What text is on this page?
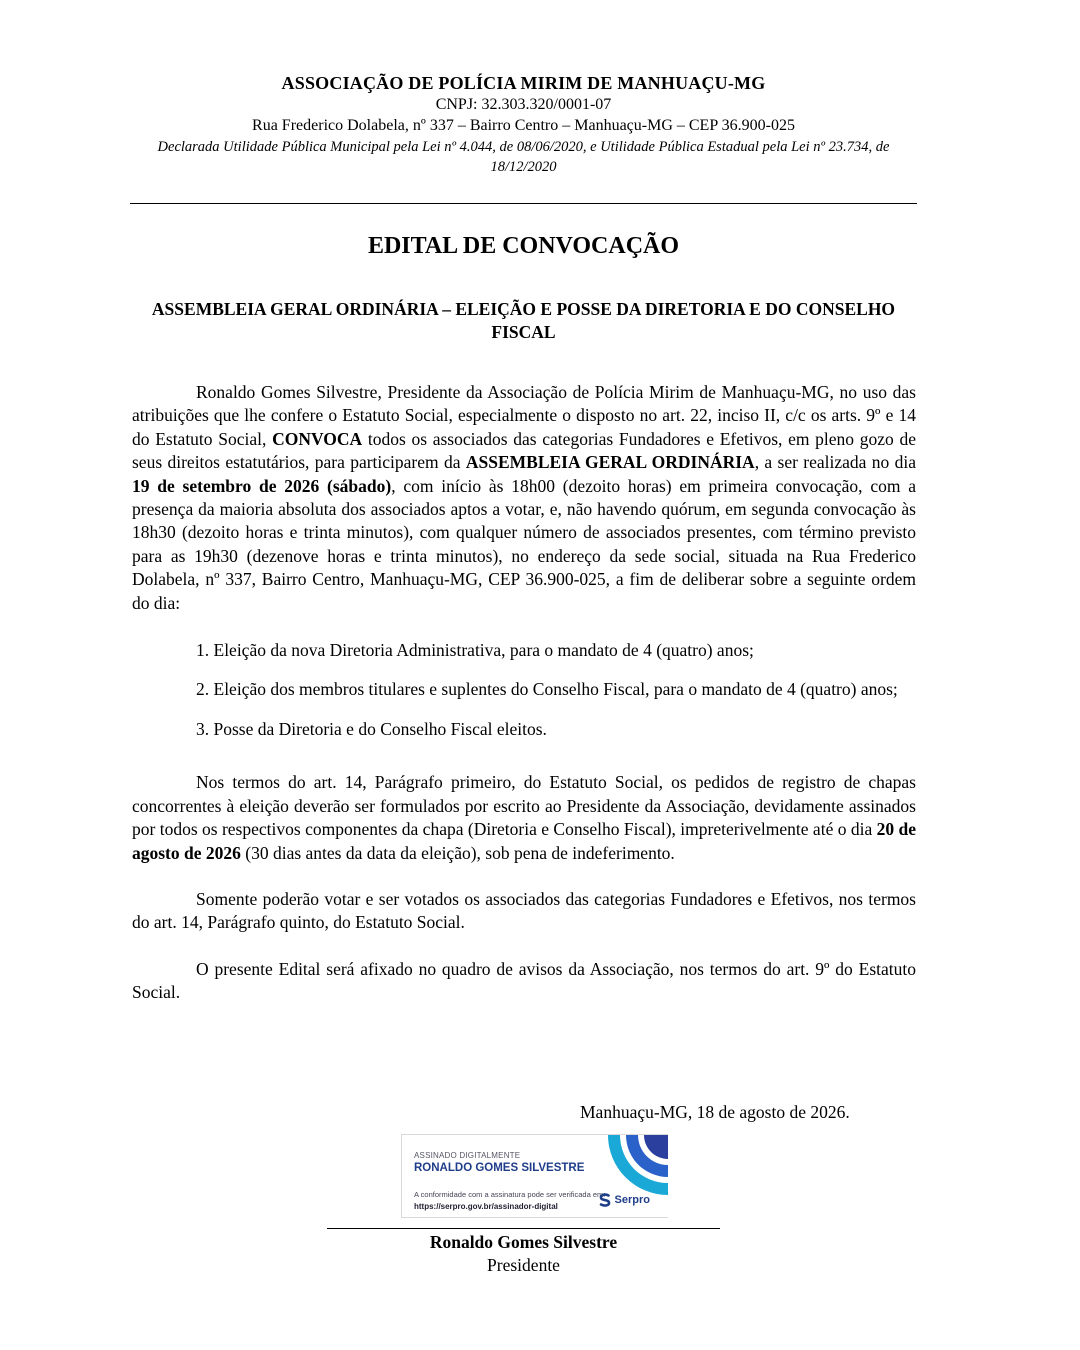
ASSOCIAÇÃO DE POLÍCIA MIRIM DE MANHUAÇU-MG
CNPJ: 32.303.320/0001-07
Rua Frederico Dolabela, nº 337 – Bairro Centro – Manhuaçu-MG – CEP 36.900-025
Declarada Utilidade Pública Municipal pela Lei nº 4.044, de 08/06/2020, e Utilidade Pública Estadual pela Lei nº 23.734, de 18/12/2020
EDITAL DE CONVOCAÇÃO
ASSEMBLEIA GERAL ORDINÁRIA – ELEIÇÃO E POSSE DA DIRETORIA E DO CONSELHO FISCAL

Ronaldo Gomes Silvestre, Presidente da Associação de Polícia Mirim de Manhuaçu-MG, no uso das atribuições que lhe confere o Estatuto Social, especialmente o disposto no art. 22, inciso II, c/c os arts. 9º e 14 do Estatuto Social, CONVOCA todos os associados das categorias Fundadores e Efetivos, em pleno gozo de seus direitos estatutários, para participarem da ASSEMBLEIA GERAL ORDINÁRIA, a ser realizada no dia 19 de setembro de 2026 (sábado), com início às 18h00 (dezoito horas) em primeira convocação, com a presença da maioria absoluta dos associados aptos a votar, e, não havendo quórum, em segunda convocação às 18h30 (dezoito horas e trinta minutos), com qualquer número de associados presentes, com término previsto para as 19h30 (dezenove horas e trinta minutos), no endereço da sede social, situada na Rua Frederico Dolabela, nº 337, Bairro Centro, Manhuaçu-MG, CEP 36.900-025, a fim de deliberar sobre a seguinte ordem do dia:

1. Eleição da nova Diretoria Administrativa, para o mandato de 4 (quatro) anos;

2. Eleição dos membros titulares e suplentes do Conselho Fiscal, para o mandato de 4 (quatro) anos;

3. Posse da Diretoria e do Conselho Fiscal eleitos.

Nos termos do art. 14, Parágrafo primeiro, do Estatuto Social, os pedidos de registro de chapas concorrentes à eleição deverão ser formulados por escrito ao Presidente da Associação, devidamente assinados por todos os respectivos componentes da chapa (Diretoria e Conselho Fiscal), impreterivelmente até o dia 20 de agosto de 2026 (30 dias antes da data da eleição), sob pena de indeferimento.

Somente poderão votar e ser votados os associados das categorias Fundadores e Efetivos, nos termos do art. 14, Parágrafo quinto, do Estatuto Social.

O presente Edital será afixado no quadro de avisos da Associação, nos termos do art. 9º do Estatuto Social.

Manhuaçu-MG, 18 de agosto de 2026.
ASSINADO DIGITALMENTE
RONALDO GOMES SILVESTRE
A conformidade com a assinatura pode ser verificada em:
https://serpro.gov.br/assinador-digital
Serpro
Ronaldo Gomes Silvestre
Presidente
